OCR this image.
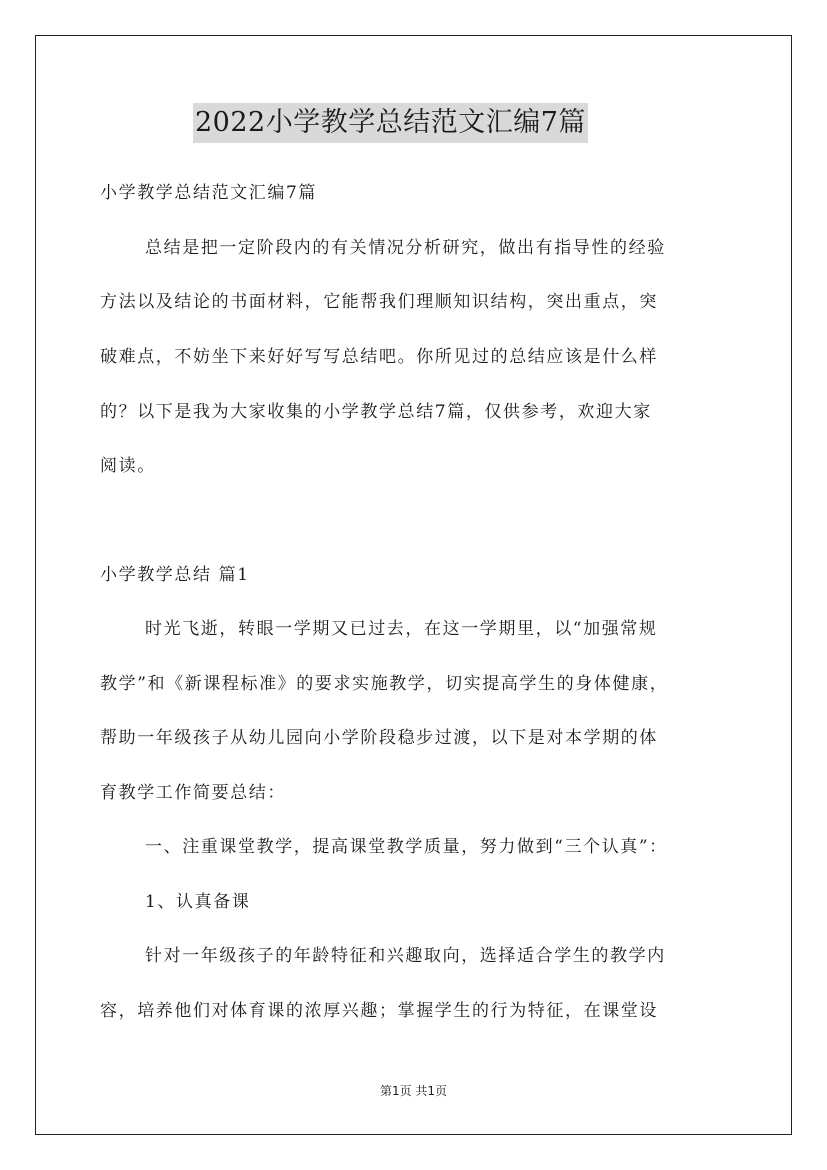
2022小学教学总结范文汇编7篇
小学教学总结范文汇编7篇
总结是把一定阶段内的有关情况分析研究，做出有指导性的经验
方法以及结论的书面材料，它能帮我们理顺知识结构，突出重点，突
破难点，不妨坐下来好好写写总结吧。你所见过的总结应该是什么样
的？以下是我为大家收集的小学教学总结7篇，仅供参考，欢迎大家
阅读。
小学教学总结 篇1
时光飞逝，转眼一学期又已过去，在这一学期里，以“加强常规
教学”和《新课程标准》的要求实施教学，切实提高学生的身体健康，
帮助一年级孩子从幼儿园向小学阶段稳步过渡，以下是对本学期的体
育教学工作简要总结：
一、注重课堂教学，提高课堂教学质量，努力做到“三个认真”：
1、认真备课
针对一年级孩子的年龄特征和兴趣取向，选择适合学生的教学内
容，培养他们对体育课的浓厚兴趣；掌握学生的行为特征，在课堂设
第1页 共1页
